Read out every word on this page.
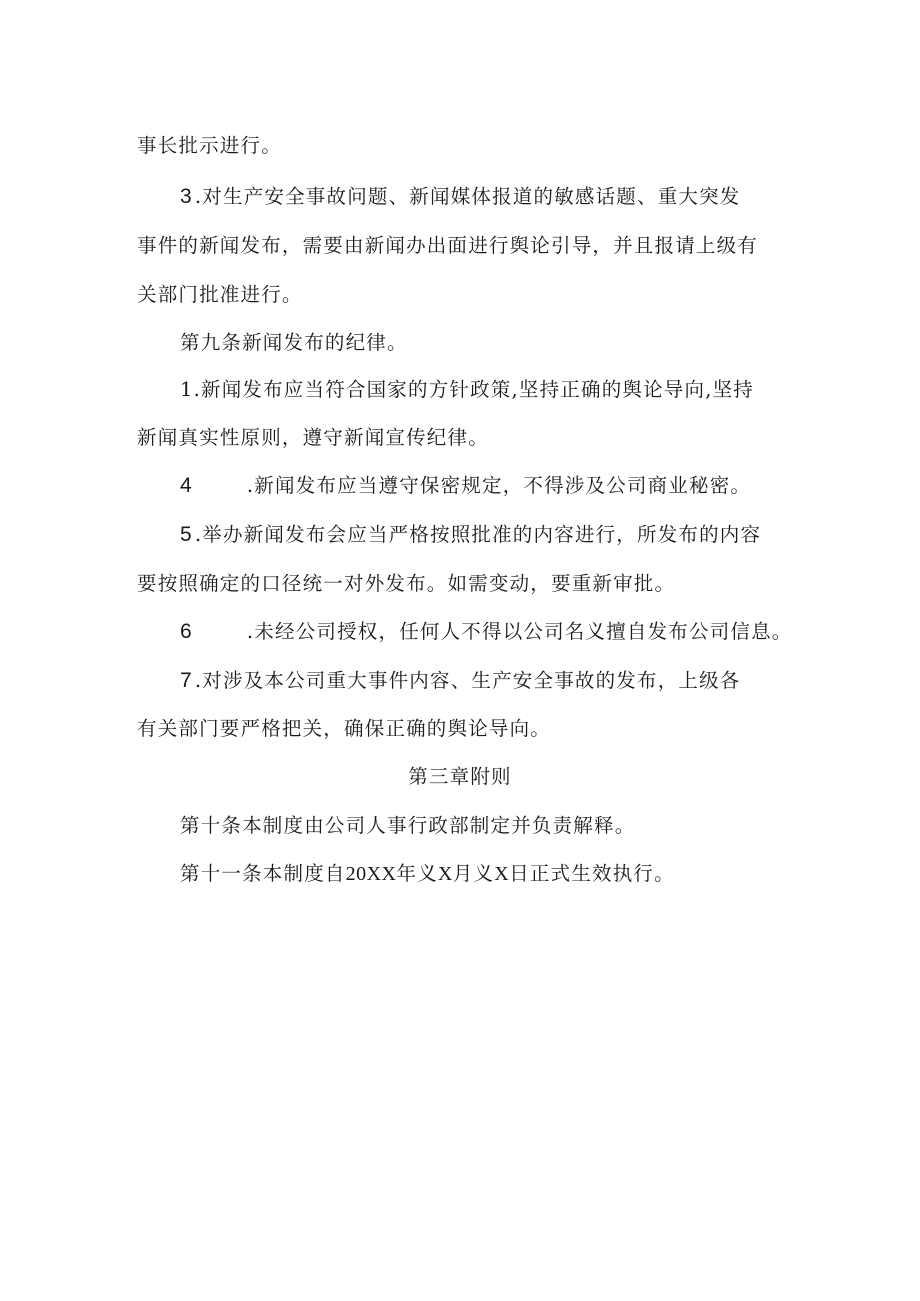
事长批示进行。
3 .对生产安全事故问题、新闻媒体报道的敏感话题、重大突发
事件的新闻发布，需要由新闻办出面进行舆论引导，并且报请上级有
关部门批准进行。
第九条新闻发布的纪律。
1.新闻发布应当符合国家的方针政策,坚持正确的舆论导向,坚持
新闻真实性原则，遵守新闻宣传纪律。
4	.新闻发布应当遵守保密规定，不得涉及公司商业秘密。
5 .举办新闻发布会应当严格按照批准的内容进行，所发布的内容
要按照确定的口径统一对外发布。如需变动，要重新审批。
6	.未经公司授权，任何人不得以公司名义擅自发布公司信息。
7 .对涉及本公司重大事件内容、生产安全事故的发布，上级各
有关部门要严格把关，确保正确的舆论导向。
第三章附则
第十条本制度由公司人事行政部制定并负责解释。
第十一条本制度自20XX年义X月义X日正式生效执行。
